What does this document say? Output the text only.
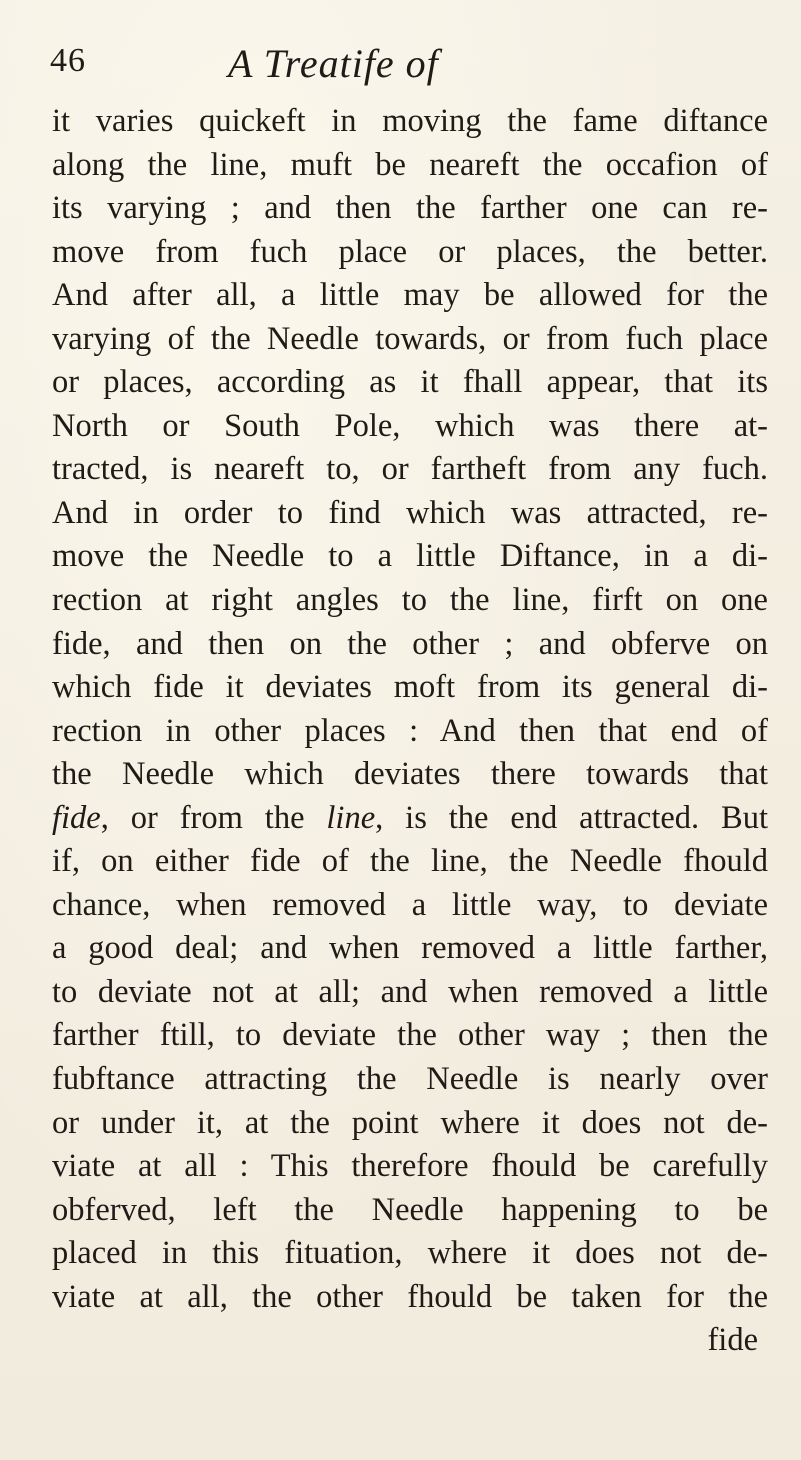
46	A Treatife of
it varies quickeft in moving the fame diftance
along the line, muft be neareft the occafion of
its varying ; and then the farther one can re-
move from fuch place or places, the better.
And after all, a little may be allowed for the
varying of the Needle towards, or from fuch place
or places, according as it fhall appear, that its
North or South Pole, which was there at-
tracted, is neareft to, or fartheft from any fuch.
And in order to find which was attracted, re-
move the Needle to a little Diftance, in a di-
rection at right angles to the line, firft on one
fide, and then on the other ; and obferve on
which fide it deviates moft from its general di-
rection in other places : And then that end of
the Needle which deviates there towards that
fide, or from the line, is the end attracted. But
if, on either fide of the line, the Needle fhould
chance, when removed a little way, to deviate
a good deal; and when removed a little farther,
to deviate not at all; and when removed a little
farther ftill, to deviate the other way ; then the
fubftance attracting the Needle is nearly over
or under it, at the point where it does not de-
viate at all : This therefore fhould be carefully
obferved, left the Needle happening to be
placed in this fituation, where it does not de-
viate at all, the other fhould be taken for the
fide
